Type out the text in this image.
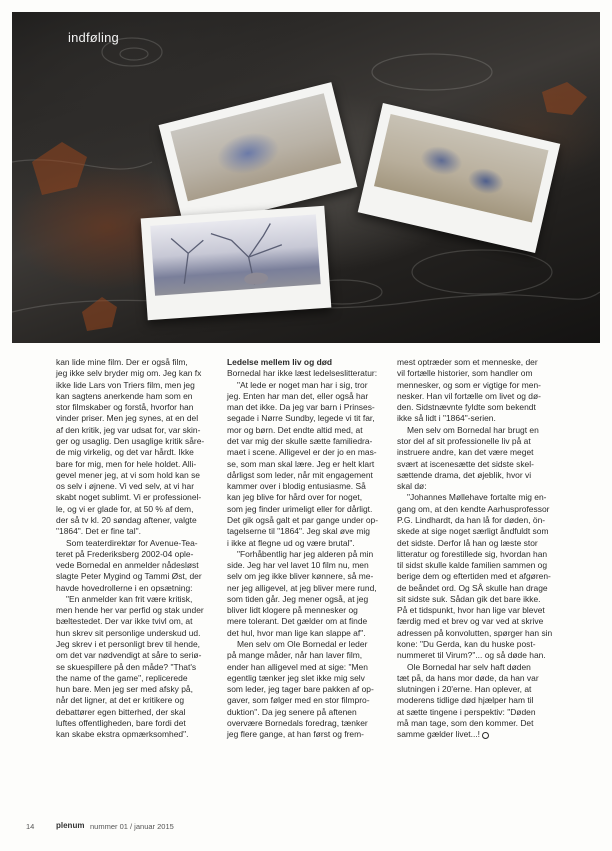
indføling

kan lide mine film. Der er også film,
jeg ikke selv bryder mig om. Jeg kan fx
ikke lide Lars von Triers film, men jeg
kan sagtens anerkende ham som en
stor filmskaber og forstå, hvorfor han
vinder priser. Men jeg synes, at en del
af den kritik, jeg var udsat for, var skin-
ger og usaglig. Den usaglige kritik såre-
de mig virkelig, og det var hårdt. Ikke
bare for mig, men for hele holdet. Alli-
gevel mener jeg, at vi som hold kan se
os selv i øjnene. Vi ved selv, at vi har
skabt noget sublimt. Vi er professionel-
le, og vi er glade for, at 50 % af dem,
der så tv kl. 20 søndag aftener, valgte
"1864". Det er fine tal".

Som teaterdirektør for Avenue-Tea-
teret på Frederiksberg 2002-04 ople-
vede Bornedal en anmelder nådesløst
slagte Peter Mygind og Tammi Øst, der
havde hovedrollerne i en opsætning:

"En anmelder kan frit være kritisk,
men hende her var perfid og stak under
bæltestedet. Der var ikke tvivl om, at
hun skrev sit personlige underskud ud.
Jeg skrev i et personligt brev til hende,
om det var nødvendigt at såre to seriø-
se skuespillere på den måde? "That's
the name of the game", replicerede
hun bare. Men jeg ser med afsky på,
når det ligner, at det er kritikere og
debattører egen bitterhed, der skal
luftes offentligheden, bare fordi det
kan skabe ekstra opmærksomhed".

Ledelse mellem liv og død

Bornedal har ikke læst ledelseslitteratur:

"At lede er noget man har i sig, tror
jeg. Enten har man det, eller også har
man det ikke. Da jeg var barn i Prinses-
segade i Nørre Sundby, legede vi tit far,
mor og børn. Det endte altid med, at
det var mig der skulle sætte familiedra-
maet i scene. Alligevel er der jo en mas-
se, som man skal lære. Jeg er helt klart
dårligst som leder, når mit engagement
kammer over i blodig entusiasme. Så
kan jeg blive for hård over for noget,
som jeg finder urimeligt eller for dårligt.
Det gik også galt et par gange under op-
tagelserne til "1864". Jeg skal øve mig
i ikke at flegne ud og være brutal".

"Forhåbentlig har jeg alderen på min
side. Jeg har vel lavet 10 film nu, men
selv om jeg ikke bliver kønnere, så me-
ner jeg alligevel, at jeg bliver mere rund,
som tiden går. Jeg mener også, at jeg
bliver lidt klogere på mennesker og
mere tolerant. Det gælder om at finde
det hul, hvor man lige kan slappe af".

Men selv om Ole Bornedal er leder
på mange måder, når han laver film,
ender han alligevel med at sige: "Men
egentlig tænker jeg slet ikke mig selv
som leder, jeg tager bare pakken af op-
gaver, som følger med en stor filmpro-
duktion". Da jeg senere på aftenen
overvære Bornedals foredrag, tænker
jeg flere gange, at han først og frem-

mest optræder som et menneske, der
vil fortælle historier, som handler om
mennesker, og som er vigtige for men-
nesker. Han vil fortælle om livet og dø-
den. Sidstnævnte fyldte som bekendt
ikke så lidt i "1864"-serien.

Men selv om Bornedal har brugt en
stor del af sit professionelle liv på at
instruere andre, kan det være meget
svært at iscenesætte det sidste skel-
sættende drama, det øjeblik, hvor vi
skal dø:

"Johannes Møllehave fortalte mig en-
gang om, at den kendte Aarhusprofessor
P.G. Lindhardt, da han lå for døden, ön-
skede at sige noget særligt åndfuldt som
det sidste. Derfor lå han og læste stor
litteratur og forestillede sig, hvordan han
til sidst skulle kalde familien sammen og
berige dem og eftertiden med et afgøren-
de beåndet ord. Og SÅ skulle han drage
sit sidste suk. Sådan gik det bare ikke.
På et tidspunkt, hvor han lige var blevet
færdig med et brev og var ved at skrive
adressen på konvolutten, spørger han sin
kone: "Du Gerda, kan du huske post-
nummeret til Virum?"... og så døde han.

Ole Bornedal har selv haft døden
tæt på, da hans mor døde, da han var
slutningen i 20'erne. Han oplever, at
moderens tidlige død hjælper ham til
at sætte tingene i perspektiv: "Døden
må man tage, som den kommer. Det
samme gælder livet...!

14	plenum nummer 01 / januar 2015
